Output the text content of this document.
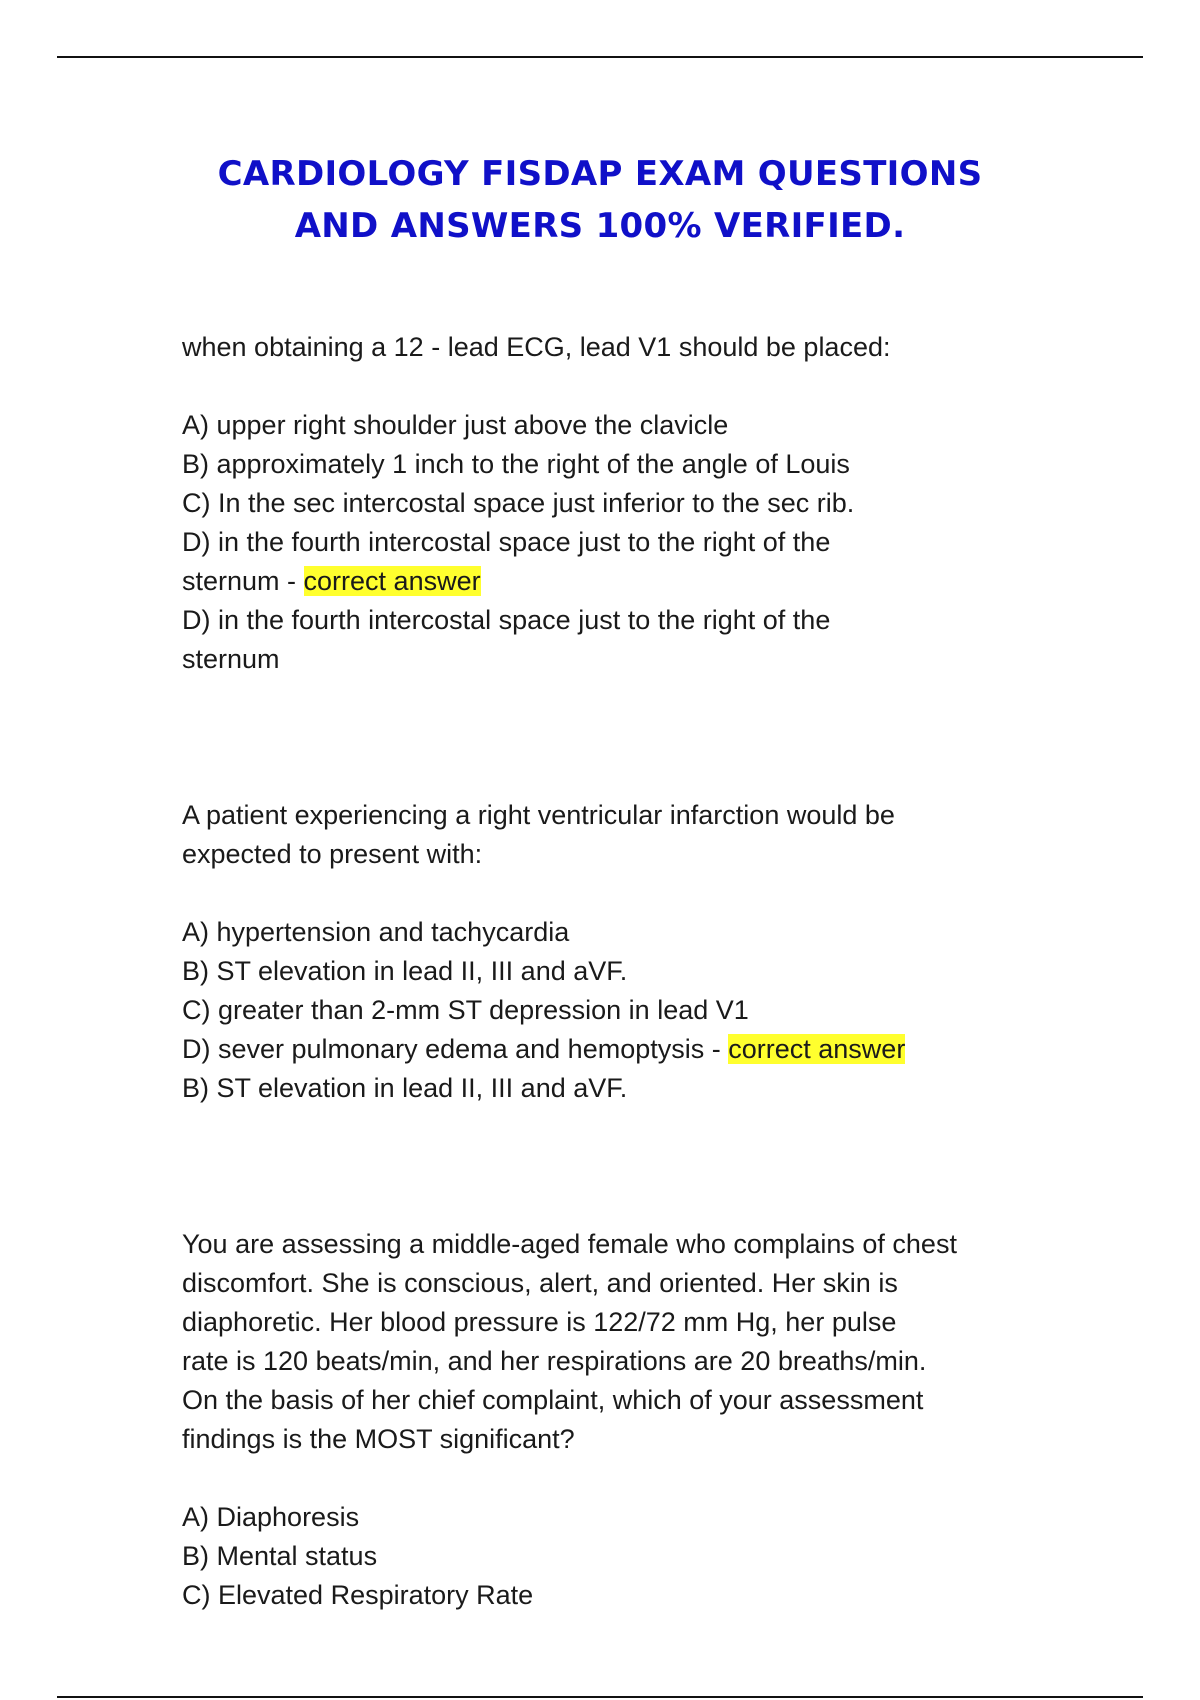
CARDIOLOGY FISDAP EXAM QUESTIONS
AND ANSWERS 100% VERIFIED.

when obtaining a 12 - lead ECG, lead V1 should be placed:

A) upper right shoulder just above the clavicle
B) approximately 1 inch to the right of the angle of Louis
C) In the sec intercostal space just inferior to the sec rib.
D) in the fourth intercostal space just to the right of the
sternum - correct answer
D) in the fourth intercostal space just to the right of the
sternum

A patient experiencing a right ventricular infarction would be
expected to present with:

A) hypertension and tachycardia
B) ST elevation in lead II, III and aVF.
C) greater than 2-mm ST depression in lead V1
D) sever pulmonary edema and hemoptysis - correct answer
B) ST elevation in lead II, III and aVF.

You are assessing a middle-aged female who complains of chest
discomfort. She is conscious, alert, and oriented. Her skin is
diaphoretic. Her blood pressure is 122/72 mm Hg, her pulse
rate is 120 beats/min, and her respirations are 20 breaths/min.
On the basis of her chief complaint, which of your assessment
findings is the MOST significant?

A) Diaphoresis
B) Mental status
C) Elevated Respiratory Rate
